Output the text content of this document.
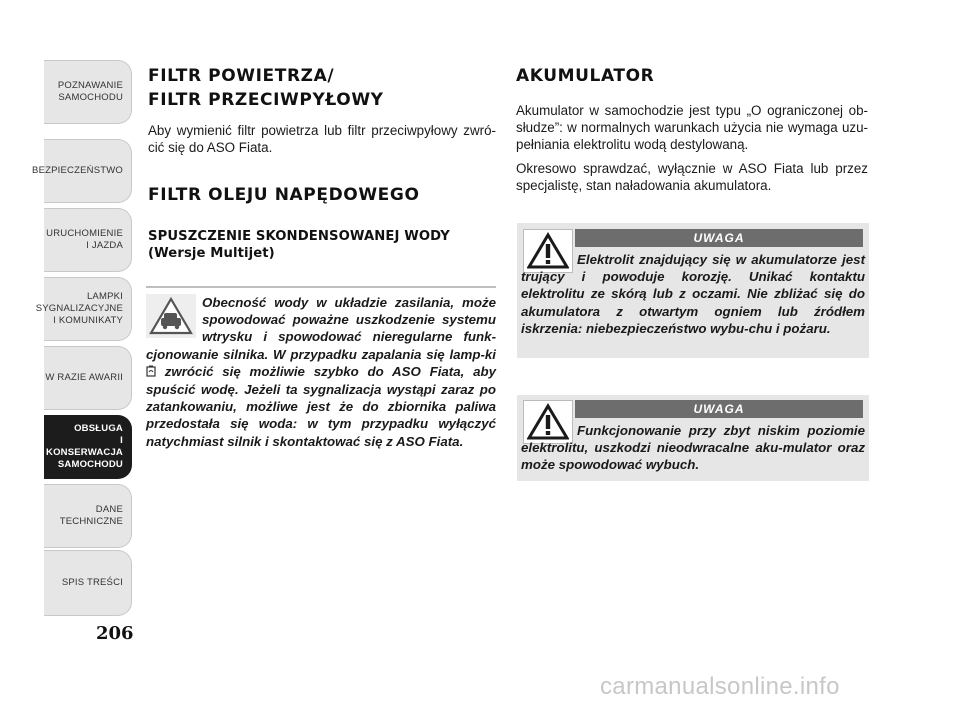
POZNAWANIE
SAMOCHODU
BEZPIECZEŃSTWO
URUCHOMIENIE
I JAZDA
LAMPKI
SYGNALIZACYJNE
I KOMUNIKATY
W RAZIE AWARII
OBSŁUGA
I KONSERWACJA
SAMOCHODU
DANE
TECHNICZNE
SPIS TREŚCI
206
FILTR POWIETRZA/
FILTR PRZECIWPYŁOWY

Aby wymienić filtr powietrza lub filtr przeciwpyłowy zwró-cić się do ASO Fiata.

FILTR OLEJU NAPĘDOWEGO
SPUSZCZENIE SKONDENSOWANEJ WODY
(Wersje Multijet)

Obecność wody w układzie zasilania, może spowodować poważne uszkodzenie systemu wtrysku i spowodować nieregularne funk-cjonowanie silnika. W przypadku zapalania się lamp-ki  zwrócić się możliwie szybko do ASO Fiata, aby spuścić wodę. Jeżeli ta sygnalizacja wystąpi zaraz po zatankowaniu, możliwe jest że do zbiornika paliwa przedostała się woda: w tym przypadku wyłączyć natychmiast silnik i skontaktować się z ASO Fiata.

AKUMULATOR

Akumulator w samochodzie jest typu „O ograniczonej ob-słudze”: w normalnych warunkach użycia nie wymaga uzu-pełniania elektrolitu wodą destylowaną.

Okresowo sprawdzać, wyłącznie w ASO Fiata lub przez specjalistę, stan naładowania akumulatora.

UWAGA

Elektrolit znajdujący się w akumulatorze jest trujący i powoduje korozję. Unikać kontaktu elektrolitu ze skórą lub z oczami. Nie zbliżać się do akumulatora z otwartym ogniem lub źródłem iskrzenia: niebezpieczeństwo wybu-chu i pożaru.

UWAGA

Funkcjonowanie przy zbyt niskim poziomie elektrolitu, uszkodzi nieodwracalne aku-mulator oraz może spowodować wybuch.

carmanualsonline.info
